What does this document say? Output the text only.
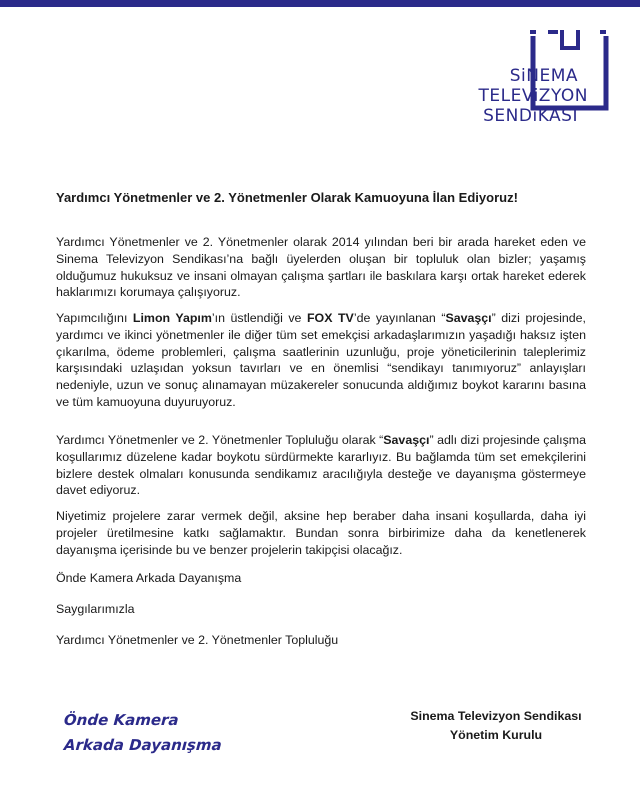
SiNEMA
TELEViZYON
SENDiKASI
Yardımcı Yönetmenler ve 2. Yönetmenler Olarak Kamuoyuna İlan Ediyoruz!
Yardımcı Yönetmenler ve 2. Yönetmenler olarak 2014 yılından beri bir arada hareket eden ve Sinema Televizyon Sendikası’na bağlı üyelerden oluşan bir topluluk olan bizler; yaşamış olduğumuz hukuksuz ve insani olmayan çalışma şartları ile baskılara karşı ortak hareket ederek haklarımızı korumaya çalışıyoruz.
Yapımcılığını Limon Yapım’ın üstlendiği ve FOX TV’de yayınlanan “Savaşçı” dizi projesinde, yardımcı ve ikinci yönetmenler ile diğer tüm set emekçisi arkadaşlarımızın yaşadığı haksız işten çıkarılma, ödeme problemleri, çalışma saatlerinin uzunluğu, proje yöneticilerinin taleplerimiz karşısındaki uzlaşıdan yoksun tavırları ve en önemlisi “sendikayı tanımıyoruz” anlayışları nedeniyle, uzun ve sonuç alınamayan müzakereler sonucunda aldığımız boykot kararını basına ve tüm kamuoyuna duyuruyoruz.
Yardımcı Yönetmenler ve 2. Yönetmenler Topluluğu olarak “Savaşçı” adlı dizi projesinde çalışma koşullarımız düzelene kadar boykotu sürdürmekte kararlıyız. Bu bağlamda tüm set emekçilerini bizlere destek olmaları konusunda sendikamız aracılığıyla desteğe ve dayanışma göstermeye davet ediyoruz.
Niyetimiz projelere zarar vermek değil, aksine hep beraber daha insani koşullarda, daha iyi projeler üretilmesine katkı sağlamaktır. Bundan sonra birbirimize daha da kenetlenerek dayanışma içerisinde bu ve benzer projelerin takipçisi olacağız.
Önde Kamera Arkada Dayanışma
Saygılarımızla
Yardımcı Yönetmenler ve 2. Yönetmenler Topluluğu
Önde Kamera
Arkada Dayanışma
Sinema Televizyon Sendikası
Yönetim Kurulu
